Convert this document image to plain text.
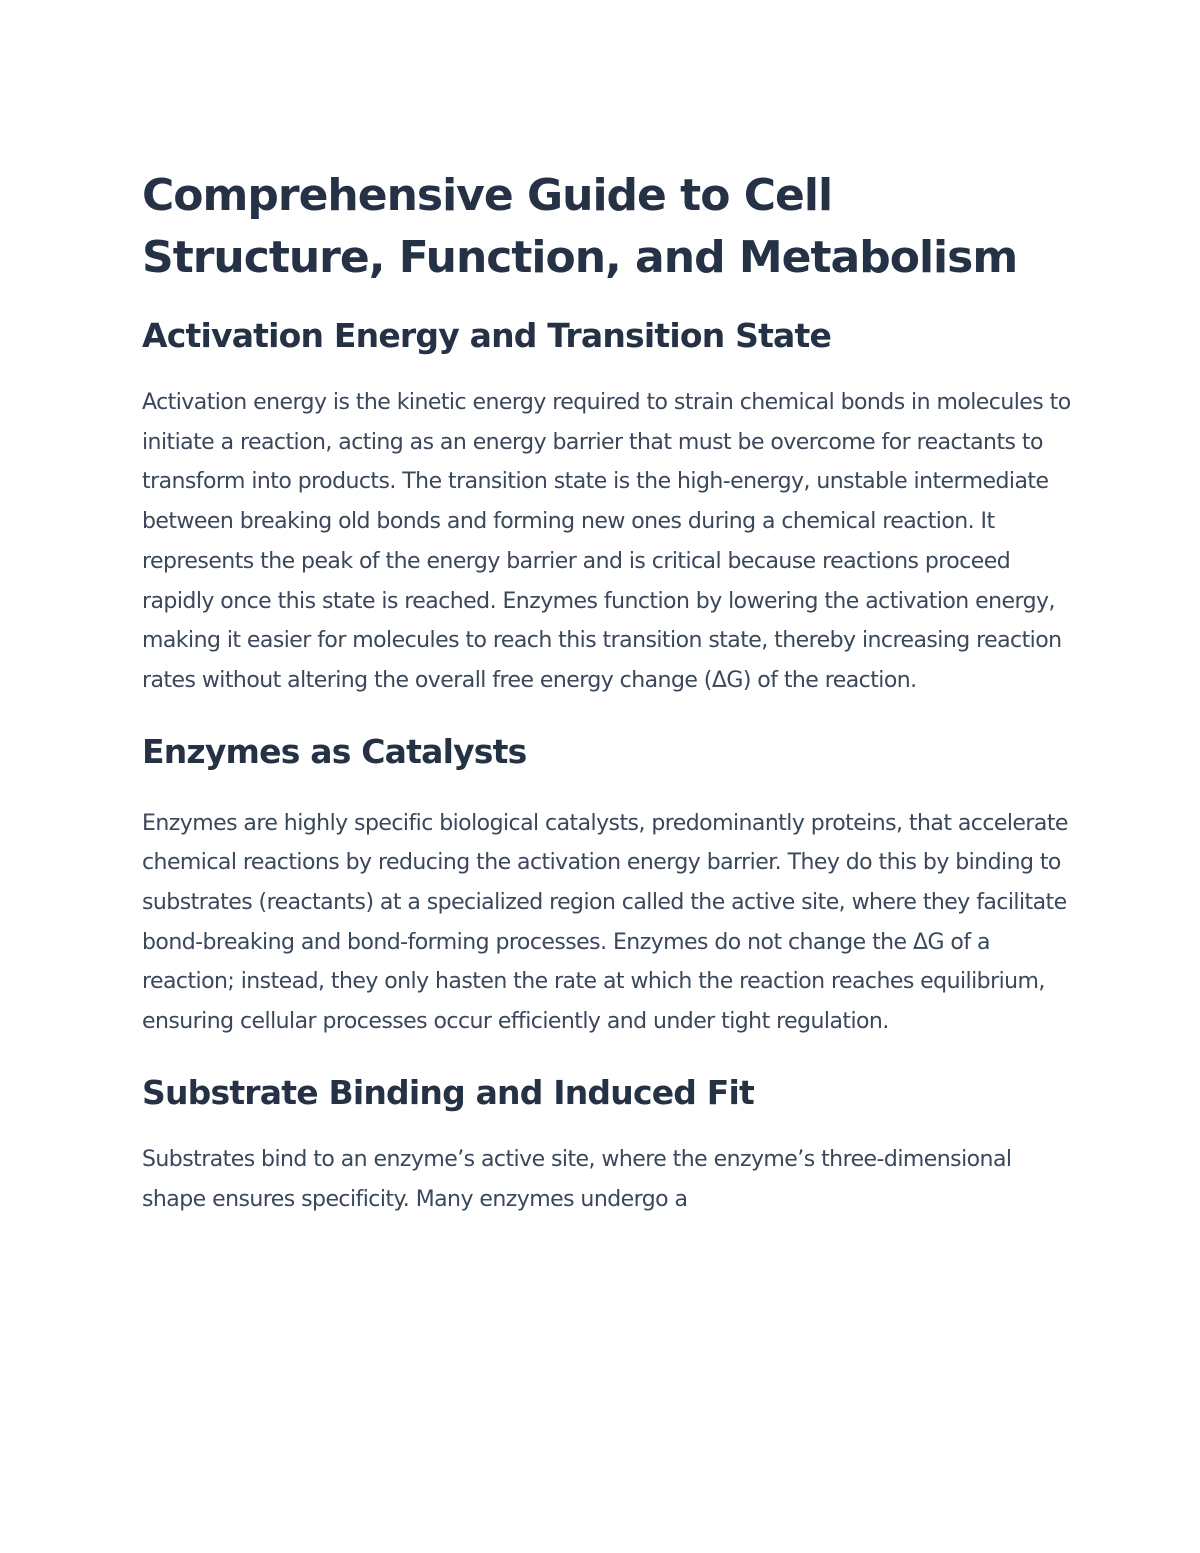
Comprehensive Guide to Cell Structure, Function, and Metabolism
Activation Energy and Transition State

Activation energy is the kinetic energy required to strain chemical bonds in molecules to initiate a reaction, acting as an energy barrier that must be overcome for reactants to transform into products. The transition state is the high-energy, unstable intermediate between breaking old bonds and forming new ones during a chemical reaction. It represents the peak of the energy barrier and is critical because reactions proceed rapidly once this state is reached. Enzymes function by lowering the activation energy, making it easier for molecules to reach this transition state, thereby increasing reaction rates without altering the overall free energy change (ΔG) of the reaction.

Enzymes as Catalysts

Enzymes are highly specific biological catalysts, predominantly proteins, that accelerate chemical reactions by reducing the activation energy barrier. They do this by binding to substrates (reactants) at a specialized region called the active site, where they facilitate bond-breaking and bond-forming processes. Enzymes do not change the ΔG of a reaction; instead, they only hasten the rate at which the reaction reaches equilibrium, ensuring cellular processes occur efficiently and under tight regulation.

Substrate Binding and Induced Fit

Substrates bind to an enzyme’s active site, where the enzyme’s three-dimensional shape ensures specificity. Many enzymes undergo a
